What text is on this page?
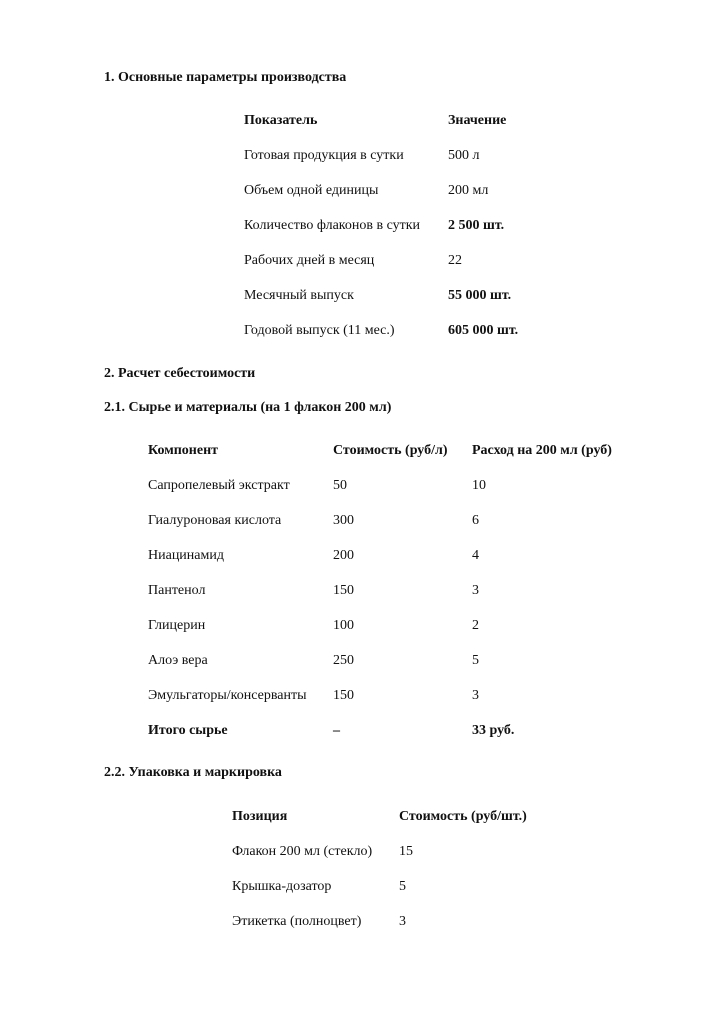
1. Основные параметры производства
Показатель	Значение
Готовая продукция в сутки	500 л
Объем одной единицы	200 мл
Количество флаконов в сутки	2 500 шт.
Рабочих дней в месяц	22
Месячный выпуск	55 000 шт.
Годовой выпуск (11 мес.)	605 000 шт.
2. Расчет себестоимости
2.1. Сырье и материалы (на 1 флакон 200 мл)
Компонент	Стоимость (руб/л)	Расход на 200 мл (руб)
Сапропелевый экстракт	50	10
Гиалуроновая кислота	300	6
Ниацинамид	200	4
Пантенол	150	3
Глицерин	100	2
Алоэ вера	250	5
Эмульгаторы/консерванты	150	3
Итого сырье	–	33 руб.
2.2. Упаковка и маркировка
Позиция	Стоимость (руб/шт.)
Флакон 200 мл (стекло)	15
Крышка-дозатор	5
Этикетка (полноцвет)	3
